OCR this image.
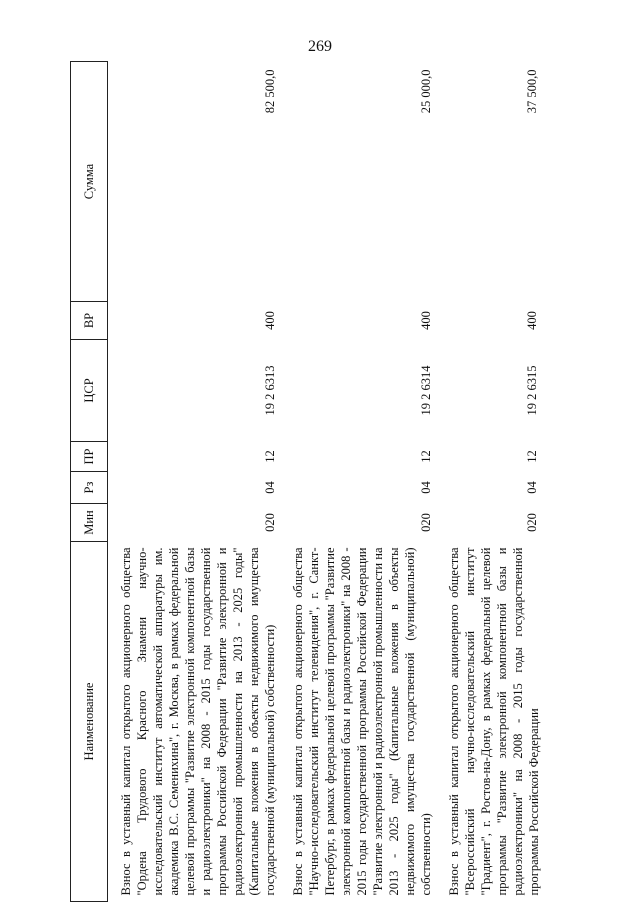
269
Наименование	Мин	Рз	ПР	ЦСР	ВР	Сумма
Взнос в уставный капитал открытого акционерного общества "Ордена Трудового Красного Знамени научно-исследовательский институт автоматической аппаратуры им. академика В.С. Семенихина", г. Москва, в рамках федеральной целевой программы "Развитие электронной компонентной базы и радиоэлектроники" на 2008 - 2015 годы государственной программы Российской Федерации "Развитие электронной и радиоэлектронной промышленности на 2013 - 2025 годы" (Капитальные вложения в объекты недвижимого имущества государственной (муниципальной) собственности)	020	04	12	19 2 6313	400	82 500,0
Взнос в уставный капитал открытого акционерного общества "Научно-исследовательский институт телевидения", г. Санкт-Петербург, в рамках федеральной целевой программы "Развитие электронной компонентной базы и радиоэлектроники" на 2008 - 2015 годы государственной программы Российской Федерации "Развитие электронной и радиоэлектронной промышленности на 2013 - 2025 годы" (Капитальные вложения в объекты недвижимого имущества государственной (муниципальной) собственности)	020	04	12	19 2 6314	400	25 000,0
Взнос в уставный капитал открытого акционерного общества "Всероссийский научно-исследовательский институт "Градиент", г. Ростов-на-Дону, в рамках федеральной целевой программы "Развитие электронной компонентной базы и радиоэлектроники" на 2008 - 2015 годы государственной программы Российской Федерации	020	04	12	19 2 6315	400	37 500,0
